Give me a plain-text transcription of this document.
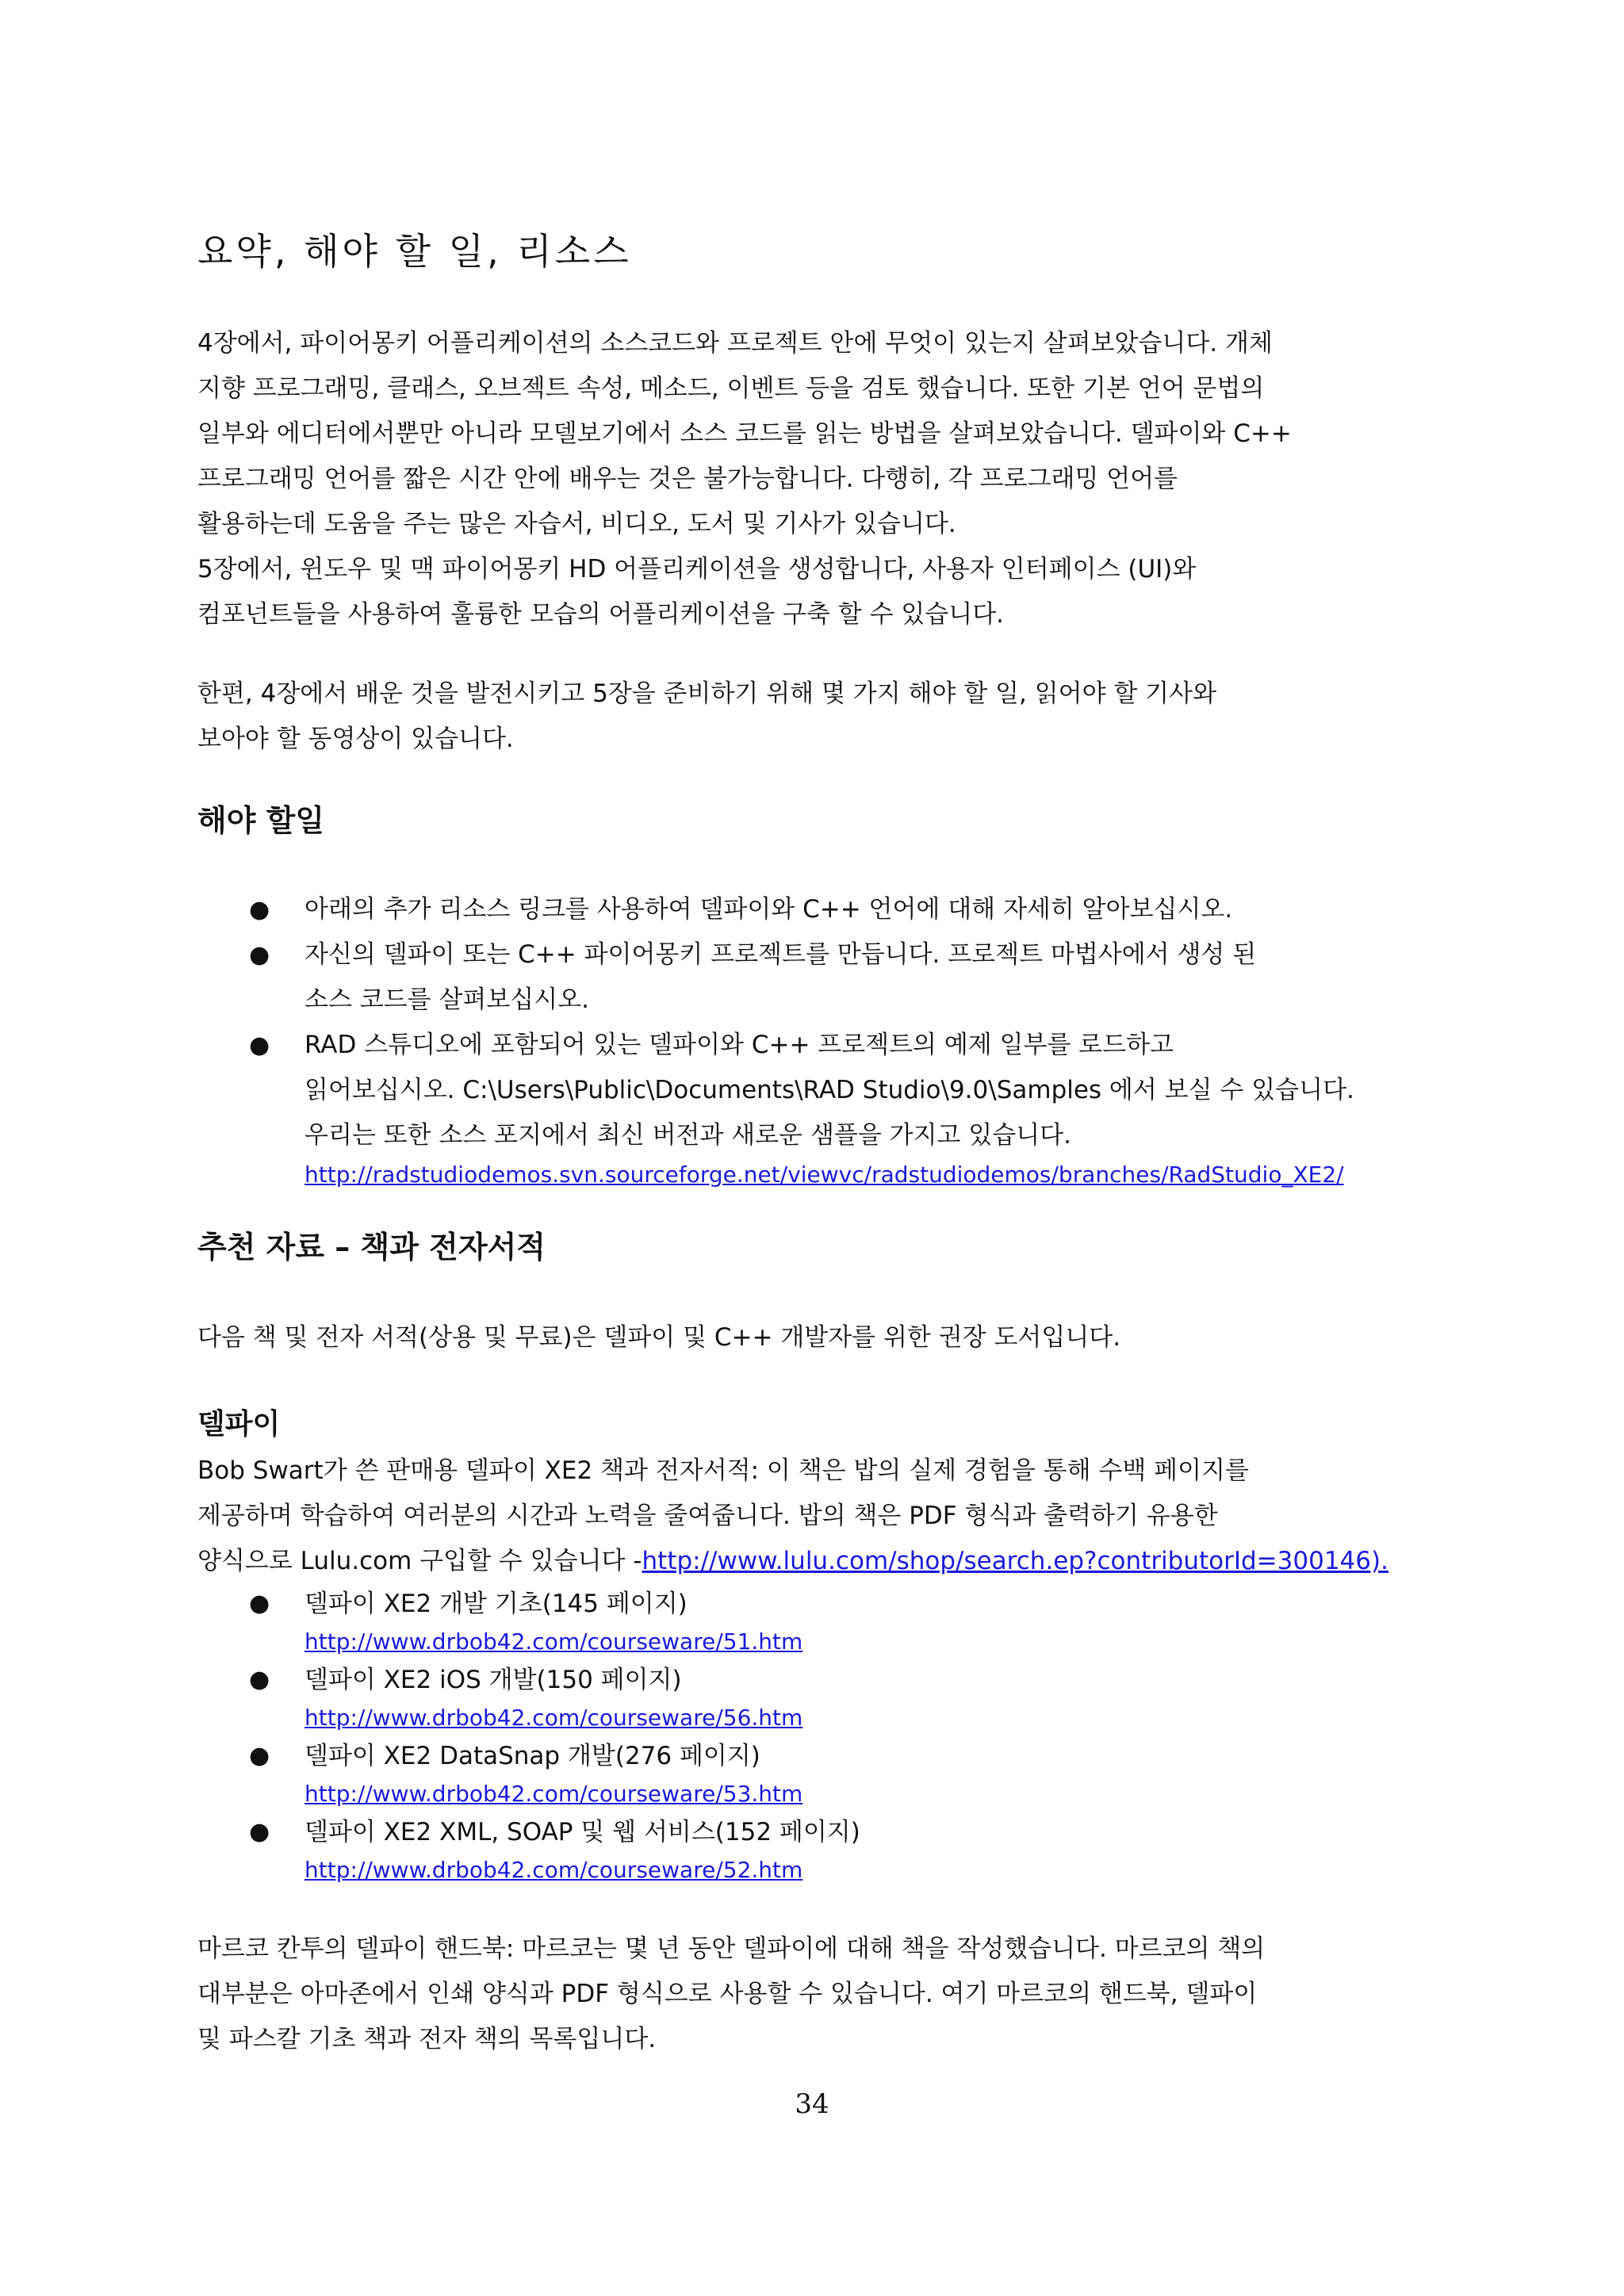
요약, 해야 할 일, 리소스
4장에서, 파이어몽키 어플리케이션의 소스코드와 프로젝트 안에 무엇이 있는지 살펴보았습니다. 개체
지향 프로그래밍, 클래스, 오브젝트 속성, 메소드, 이벤트 등을 검토 했습니다. 또한 기본 언어 문법의
일부와 에디터에서뿐만 아니라 모델보기에서 소스 코드를 읽는 방법을 살펴보았습니다. 델파이와 C++
프로그래밍 언어를 짧은 시간 안에 배우는 것은 불가능합니다. 다행히, 각 프로그래밍 언어를
활용하는데 도움을 주는 많은 자습서, 비디오, 도서 및 기사가 있습니다.
5장에서, 윈도우 및 맥 파이어몽키 HD 어플리케이션을 생성합니다, 사용자 인터페이스 (UI)와
컴포넌트들을 사용하여 훌륭한 모습의 어플리케이션을 구축 할 수 있습니다.
한편, 4장에서 배운 것을 발전시키고 5장을 준비하기 위해 몇 가지 해야 할 일, 읽어야 할 기사와
보아야 할 동영상이 있습니다.
해야 할일
● 아래의 추가 리소스 링크를 사용하여 델파이와 C++ 언어에 대해 자세히 알아보십시오.
● 자신의 델파이 또는 C++ 파이어몽키 프로젝트를 만듭니다. 프로젝트 마법사에서 생성 된
소스 코드를 살펴보십시오.
● RAD 스튜디오에 포함되어 있는 델파이와 C++ 프로젝트의 예제 일부를 로드하고
읽어보십시오. C:\Users\Public\Documents\RAD Studio\9.0\Samples 에서 보실 수 있습니다.
우리는 또한 소스 포지에서 최신 버전과 새로운 샘플을 가지고 있습니다.
http://radstudiodemos.svn.sourceforge.net/viewvc/radstudiodemos/branches/RadStudio_XE2/
추천 자료 – 책과 전자서적
다음 책 및 전자 서적(상용 및 무료)은 델파이 및 C++ 개발자를 위한 권장 도서입니다.
델파이
Bob Swart가 쓴 판매용 델파이 XE2 책과 전자서적: 이 책은 밥의 실제 경험을 통해 수백 페이지를
제공하며 학습하여 여러분의 시간과 노력을 줄여줍니다. 밥의 책은 PDF 형식과 출력하기 유용한
양식으로 Lulu.com 구입할 수 있습니다 -http://www.lulu.com/shop/search.ep?contributorId=300146).
● 델파이 XE2 개발 기초(145 페이지)
http://www.drbob42.com/courseware/51.htm
● 델파이 XE2 iOS 개발(150 페이지)
http://www.drbob42.com/courseware/56.htm
● 델파이 XE2 DataSnap 개발(276 페이지)
http://www.drbob42.com/courseware/53.htm
● 델파이 XE2 XML, SOAP 및 웹 서비스(152 페이지)
http://www.drbob42.com/courseware/52.htm
마르코 칸투의 델파이 핸드북: 마르코는 몇 년 동안 델파이에 대해 책을 작성했습니다. 마르코의 책의
대부분은 아마존에서 인쇄 양식과 PDF 형식으로 사용할 수 있습니다. 여기 마르코의 핸드북, 델파이
및 파스칼 기초 책과 전자 책의 목록입니다.
34
